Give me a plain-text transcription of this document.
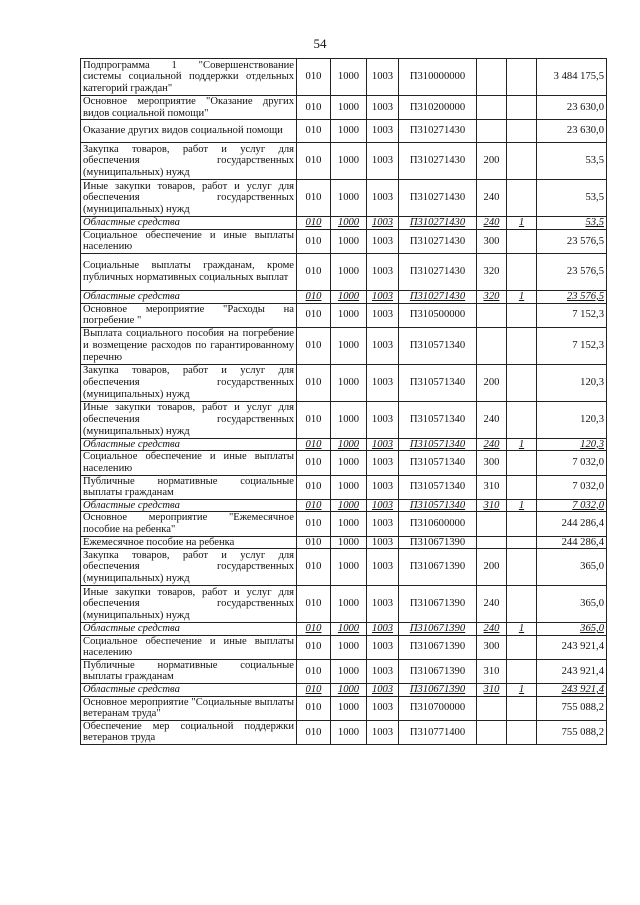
54
Подпрограмма 1 "Совершенствование системы социальной поддержки отдельных категорий граждан"	010	1000	1003	П310000000			3 484 175,5
Основное мероприятие "Оказание других видов социальной помощи"	010	1000	1003	П310200000			23 630,0
Оказание других видов социальной помощи	010	1000	1003	П310271430			23 630,0
Закупка товаров, работ и услуг для обеспечения государственных (муниципальных) нужд	010	1000	1003	П310271430	200		53,5
Иные закупки товаров, работ и услуг для обеспечения государственных (муниципальных) нужд	010	1000	1003	П310271430	240		53,5
Областные средства	010	1000	1003	П310271430	240	1	53,5
Социальное обеспечение и иные выплаты населению	010	1000	1003	П310271430	300		23 576,5
Социальные выплаты гражданам, кроме публичных нормативных социальных выплат	010	1000	1003	П310271430	320		23 576,5
Областные средства	010	1000	1003	П310271430	320	1	23 576,5
Основное мероприятие "Расходы на погребение "	010	1000	1003	П310500000			7 152,3
Выплата социального пособия на погребение и возмещение расходов по гарантированному перечню	010	1000	1003	П310571340			7 152,3
Закупка товаров, работ и услуг для обеспечения государственных (муниципальных) нужд	010	1000	1003	П310571340	200		120,3
Иные закупки товаров, работ и услуг для обеспечения государственных (муниципальных) нужд	010	1000	1003	П310571340	240		120,3
Областные средства	010	1000	1003	П310571340	240	1	120,3
Социальное обеспечение и иные выплаты населению	010	1000	1003	П310571340	300		7 032,0
Публичные нормативные социальные выплаты гражданам	010	1000	1003	П310571340	310		7 032,0
Областные средства	010	1000	1003	П310571340	310	1	7 032,0
Основное мероприятие "Ежемесячное пособие на ребенка"	010	1000	1003	П310600000			244 286,4
Ежемесячное пособие на ребенка	010	1000	1003	П310671390			244 286,4
Закупка товаров, работ и услуг для обеспечения государственных (муниципальных) нужд	010	1000	1003	П310671390	200		365,0
Иные закупки товаров, работ и услуг для обеспечения государственных (муниципальных) нужд	010	1000	1003	П310671390	240		365,0
Областные средства	010	1000	1003	П310671390	240	1	365,0
Социальное обеспечение и иные выплаты населению	010	1000	1003	П310671390	300		243 921,4
Публичные нормативные социальные выплаты гражданам	010	1000	1003	П310671390	310		243 921,4
Областные средства	010	1000	1003	П310671390	310	1	243 921,4
Основное мероприятие "Социальные выплаты ветеранам труда"	010	1000	1003	П310700000			755 088,2
Обеспечение мер социальной поддержки ветеранов труда	010	1000	1003	П310771400			755 088,2
